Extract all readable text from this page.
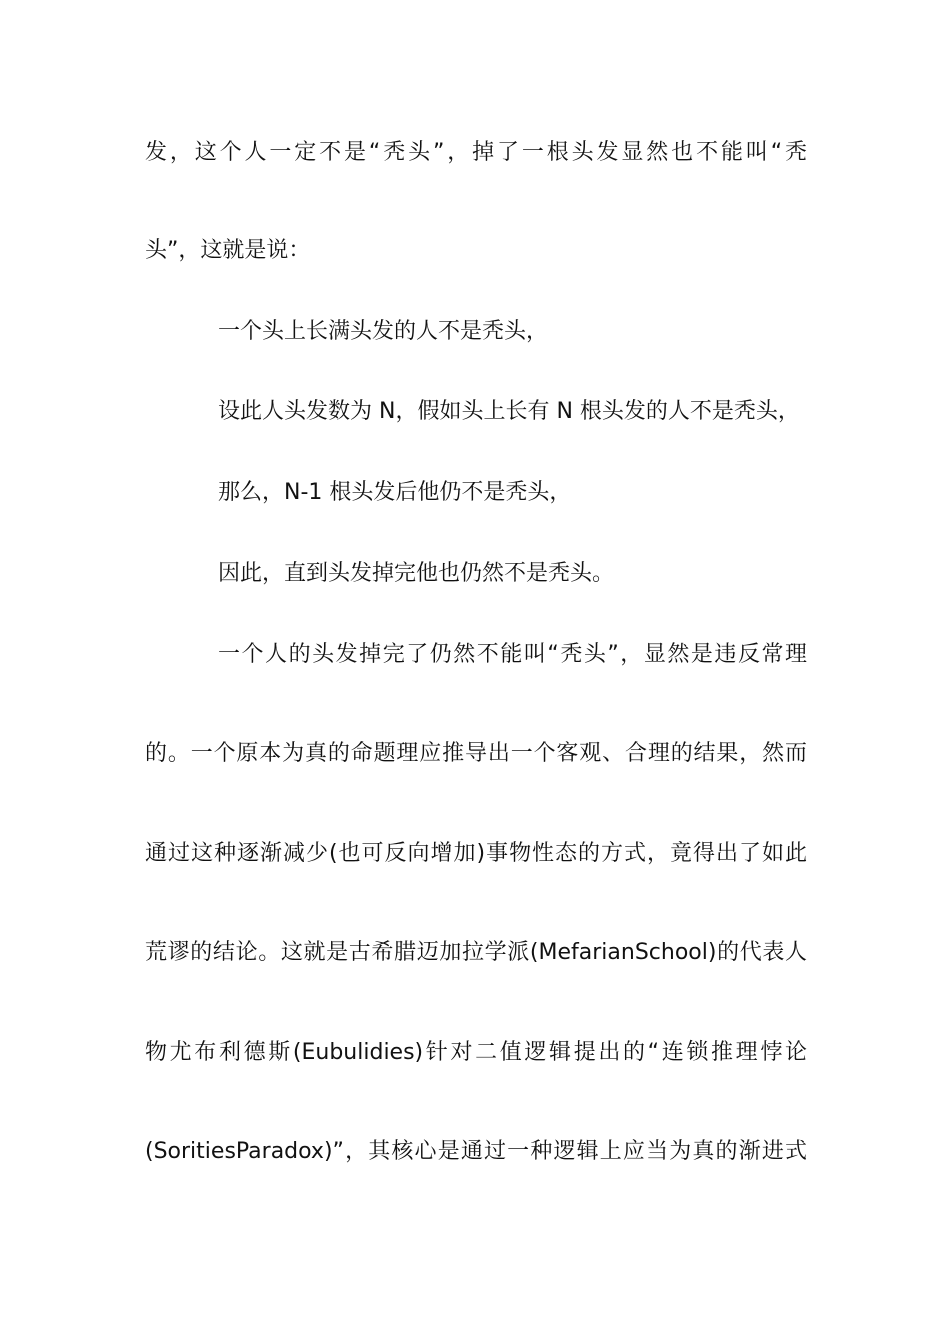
发，这个人一定不是“秃头”，掉了一根头发显然也不能叫“秃
头”，这就是说：
一个头上长满头发的人不是秃头，
设此人头发数为 N，假如头上长有 N 根头发的人不是秃头，
那么，N-1 根头发后他仍不是秃头，
因此，直到头发掉完他也仍然不是秃头。
一个人的头发掉完了仍然不能叫“秃头”，显然是违反常理
的。一个原本为真的命题理应推导出一个客观、合理的结果，然而
通过这种逐渐减少(也可反向增加)事物性态的方式，竟得出了如此
荒谬的结论。这就是古希腊迈加拉学派(MefarianSchool)的代表人
物尤布利德斯(Eubulidies)针对二值逻辑提出的“连锁推理悖论
(SoritiesParadox)”，其核心是通过一种逻辑上应当为真的渐进式
